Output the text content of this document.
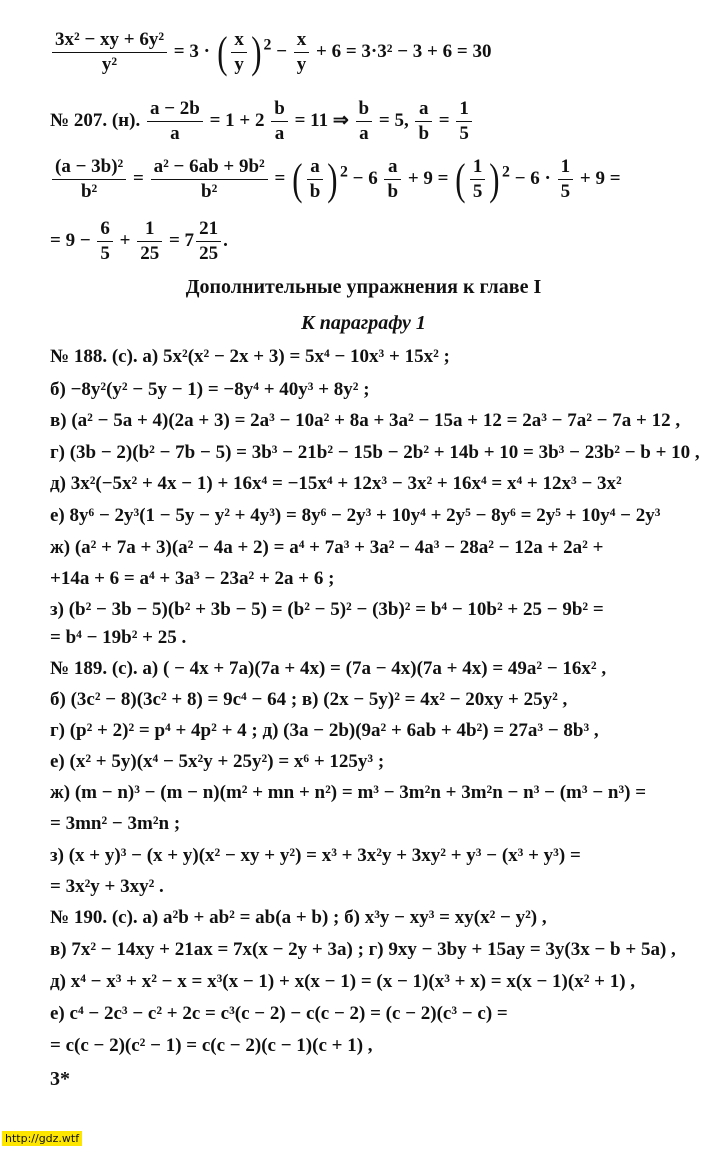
$\frac{\text{3x² − xy + 6y²}}{\text{y²}} = 3$ · ( $\frac{x}{y}$ ) $^2 - \frac{x}{y} + 6 = 3\cdot 3^2 - 3 + 6 = 30$
№ 207. (н). $\frac{a - 2b}{a} = 1 + 2 \frac{b}{a} = 11$ ⇒ $\frac{b}{a} = 5$, $\frac{a}{b} = \frac{1}{5}$
$\frac{\text{(a − 3b)²}}{\text{b²}} = \frac{\text{a² − 6ab + 9b²}}{\text{b²}}$ = ( $\frac{a}{b}$ ) $^2 - 6 \frac{a}{b} + 9$ = ( $\frac{1}{5}$ ) $^2 - 6 \cdot \frac{1}{5} + 9$ =
= $9 - \frac{6}{5} + \frac{1}{25} = 7 \frac{21}{25}$ .
Дополнительные упражнения к главе I
К параграфу 1
№ 188. (с). а) 5x²(x² − 2x + 3) = 5x⁴ − 10x³ + 15x² ;
б) −8y²(y² − 5y − 1) = −8y⁴ + 40y³ + 8y² ;
в) (a² − 5a + 4)(2a + 3) = 2a³ − 10a² + 8a + 3a² − 15a + 12 = 2a³ − 7a² − 7a + 12 ,
г) (3b − 2)(b² − 7b − 5) = 3b³ − 21b² − 15b − 2b² + 14b + 10 = 3b³ − 23b² − b + 10 ,
д) 3x²(−5x² + 4x − 1) + 16x⁴ = −15x⁴ + 12x³ − 3x² + 16x⁴ = x⁴ + 12x³ − 3x²
е) 8y⁶ − 2y³(1 − 5y − y² + 4y³) = 8y⁶ − 2y³ + 10y⁴ + 2y⁵ − 8y⁶ = 2y⁵ + 10y⁴ − 2y³
ж) (a² + 7a + 3)(a² − 4a + 2) = a⁴ + 7a³ + 3a² − 4a³ − 28a² − 12a + 2a² +
+14a + 6 = a⁴ + 3a³ − 23a² + 2a + 6 ;
з) (b² − 3b − 5)(b² + 3b − 5) = (b² − 5)² − (3b)² = b⁴ − 10b² + 25 − 9b² =
= b⁴ − 19b² + 25 .
№ 189. (с). а) ( − 4x + 7a)(7a + 4x) = (7a − 4x)(7a + 4x) = 49a² − 16x² ,
б) (3c² − 8)(3c² + 8) = 9c⁴ − 64 ; в) (2x − 5y)² = 4x² − 20xy + 25y² ,
г) (p² + 2)² = p⁴ + 4p² + 4 ; д) (3a − 2b)(9a² + 6ab + 4b²) = 27a³ − 8b³ ,
е) (x² + 5y)(x⁴ − 5x²y + 25y²) = x⁶ + 125y³ ;
ж) (m − n)³ − (m − n)(m² + mn + n²) = m³ − 3m²n + 3m²n − n³ − (m³ − n³) =
= 3mn² − 3m²n ;
з) (x + y)³ − (x + y)(x² − xy + y²) = x³ + 3x²y + 3xy² + y³ − (x³ + y³) =
= 3x²y + 3xy² .
№ 190. (с). а) a²b + ab² = ab(a + b) ; б) x³y − xy³ = xy(x² − y²) ,
в) 7x² − 14xy + 21ax = 7x(x − 2y + 3a) ; г) 9xy − 3by + 15ay = 3y(3x − b + 5a) ,
д) x⁴ − x³ + x² − x = x³(x − 1) + x(x − 1) = (x − 1)(x³ + x) = x(x − 1)(x² + 1) ,
е) c⁴ − 2c³ − c² + 2c = c³(c − 2) − c(c − 2) = (c − 2)(c³ − c) =
= c(c − 2)(c² − 1) = c(c − 2)(c − 1)(c + 1) ,
3*
http://gdz.wtf
